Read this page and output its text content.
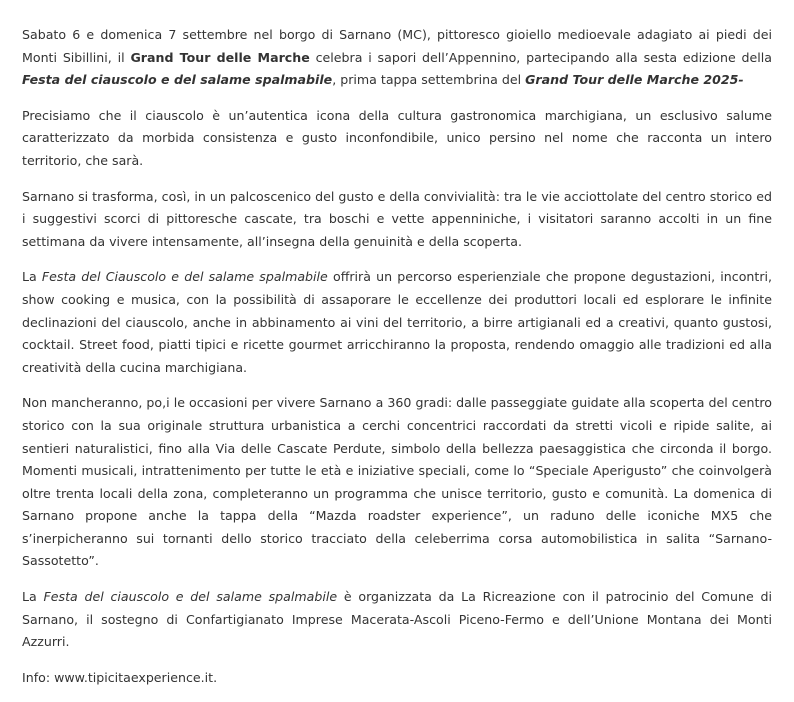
Sabato 6 e domenica 7 settembre nel borgo di Sarnano (MC), pittoresco gioiello medioevale adagiato ai piedi dei Monti Sibillini, il Grand Tour delle Marche celebra i sapori dell’Appennino, partecipando alla sesta edizione della Festa del ciauscolo e del salame spalmabile, prima tappa settembrina del Grand Tour delle Marche 2025-

Precisiamo che il ciauscolo è un’autentica icona della cultura gastronomica marchigiana, un esclusivo salume caratterizzato da morbida consistenza e gusto inconfondibile, unico persino nel nome che racconta un intero territorio, che sarà.

Sarnano si trasforma, così, in un palcoscenico del gusto e della convivialità: tra le vie acciottolate del centro storico ed i suggestivi scorci di pittoresche cascate, tra boschi e vette appenniniche, i visitatori saranno accolti in un fine settimana da vivere intensamente, all’insegna della genuinità e della scoperta.

La Festa del Ciauscolo e del salame spalmabile offrirà un percorso esperienziale che propone degustazioni, incontri, show cooking e musica, con la possibilità di assaporare le eccellenze dei produttori locali ed esplorare le infinite declinazioni del ciauscolo, anche in abbinamento ai vini del territorio, a birre artigianali ed a creativi, quanto gustosi, cocktail. Street food, piatti tipici e ricette gourmet arricchiranno la proposta, rendendo omaggio alle tradizioni ed alla creatività della cucina marchigiana.

Non mancheranno, po,i le occasioni per vivere Sarnano a 360 gradi: dalle passeggiate guidate alla scoperta del centro storico con la sua originale struttura urbanistica a cerchi concentrici raccordati da stretti vicoli e ripide salite, ai sentieri naturalistici, fino alla Via delle Cascate Perdute, simbolo della bellezza paesaggistica che circonda il borgo. Momenti musicali, intrattenimento per tutte le età e iniziative speciali, come lo “Speciale Aperigusto” che coinvolgerà oltre trenta locali della zona, completeranno un programma che unisce territorio, gusto e comunità. La domenica di Sarnano propone anche la tappa della “Mazda roadster experience”, un raduno delle iconiche MX5 che s’inerpicheranno sui tornanti dello storico tracciato della celeberrima corsa automobilistica in salita “Sarnano-Sassotetto”.

La Festa del ciauscolo e del salame spalmabile è organizzata da La Ricreazione con il patrocinio del Comune di Sarnano, il sostegno di Confartigianato Imprese Macerata-Ascoli Piceno-Fermo e dell’Unione Montana dei Monti Azzurri.

Info: www.tipicitaexperience.it.
